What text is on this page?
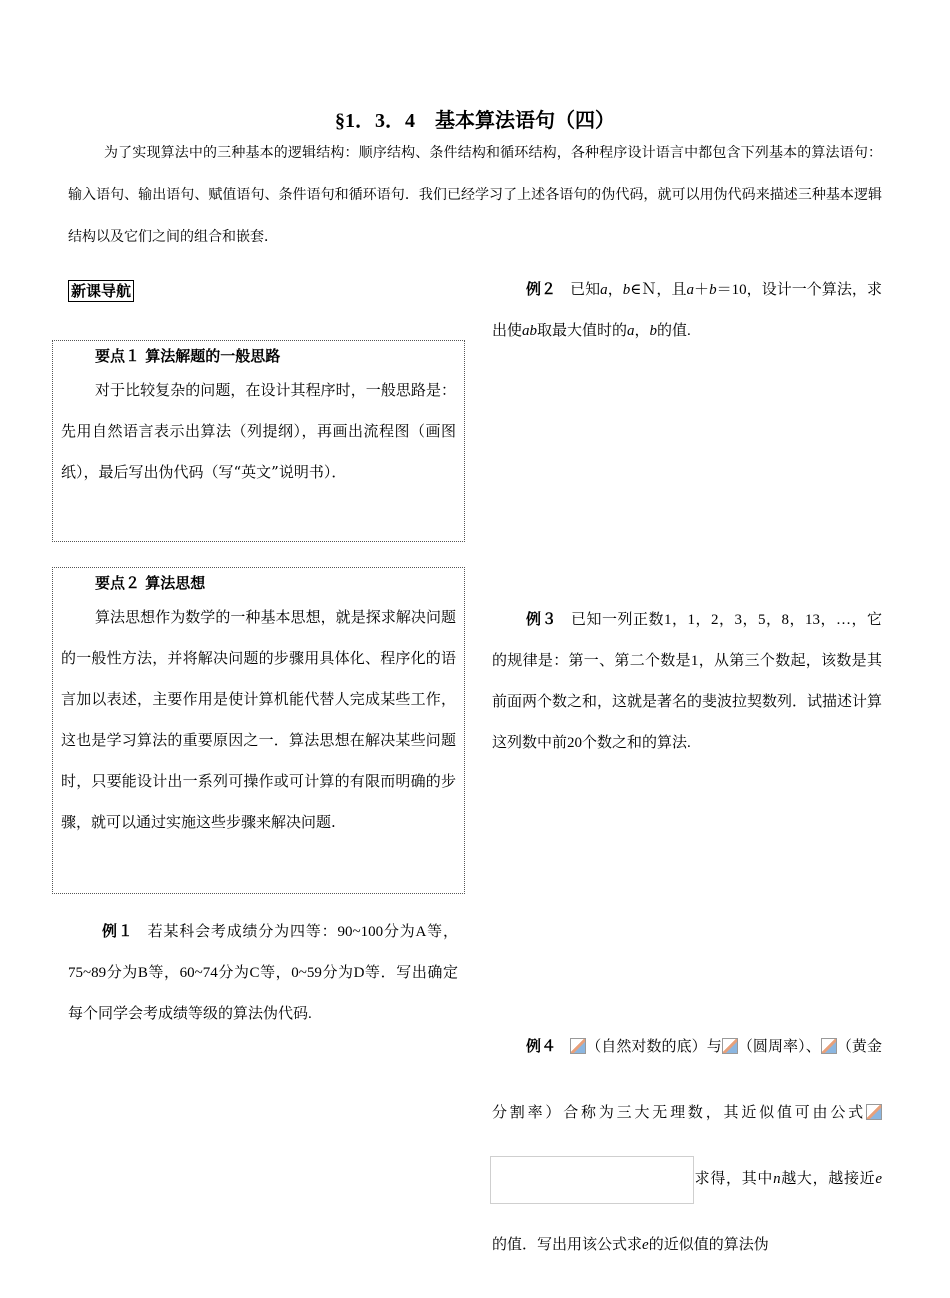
§1．3．4　基本算法语句（四）

为了实现算法中的三种基本的逻辑结构：顺序结构、条件结构和循环结构，各种程序设计语言中都包含下列基本的算法语句：输入语句、输出语句、赋值语句、条件语句和循环语句．我们已经学习了上述各语句的伪代码，就可以用伪代码来描述三种基本逻辑结构以及它们之间的组合和嵌套．

新课导航

要点１ 算法解题的一般思路

对于比较复杂的问题，在设计其程序时，一般思路是：先用自然语言表示出算法（列提纲），再画出流程图（画图纸），最后写出伪代码（写“英文”说明书）．

要点２ 算法思想

算法思想作为数学的一种基本思想，就是探求解决问题的一般性方法，并将解决问题的步骤用具体化、程序化的语言加以表述，主要作用是使计算机能代替人完成某些工作，这也是学习算法的重要原因之一．算法思想在解决某些问题时，只要能设计出一系列可操作或可计算的有限而明确的步骤，就可以通过实施这些步骤来解决问题.

例１ 若某科会考成绩分为四等：90~100分为A等，75~89分为B等，60~74分为C等，0~59分为D等．写出确定每个同学会考成绩等级的算法伪代码.

例２ 已知a，b∈Ｎ，且a＋b＝10，设计一个算法，求出使ab取最大值时的a，b的值.

例３ 已知一列正数1，1，2，3，5，8，13，…，它的规律是：第一、第二个数是1，从第三个数起，该数是其前面两个数之和，这就是著名的斐波拉契数列．试描述计算这列数中前20个数之和的算法.

例４ （自然对数的底）与 （圆周率）、 （黄金分割率）合称为三大无理数，其近似值可由公式求得，其中n越大，越接近e的值．写出用该公式求e的近似值的算法伪
